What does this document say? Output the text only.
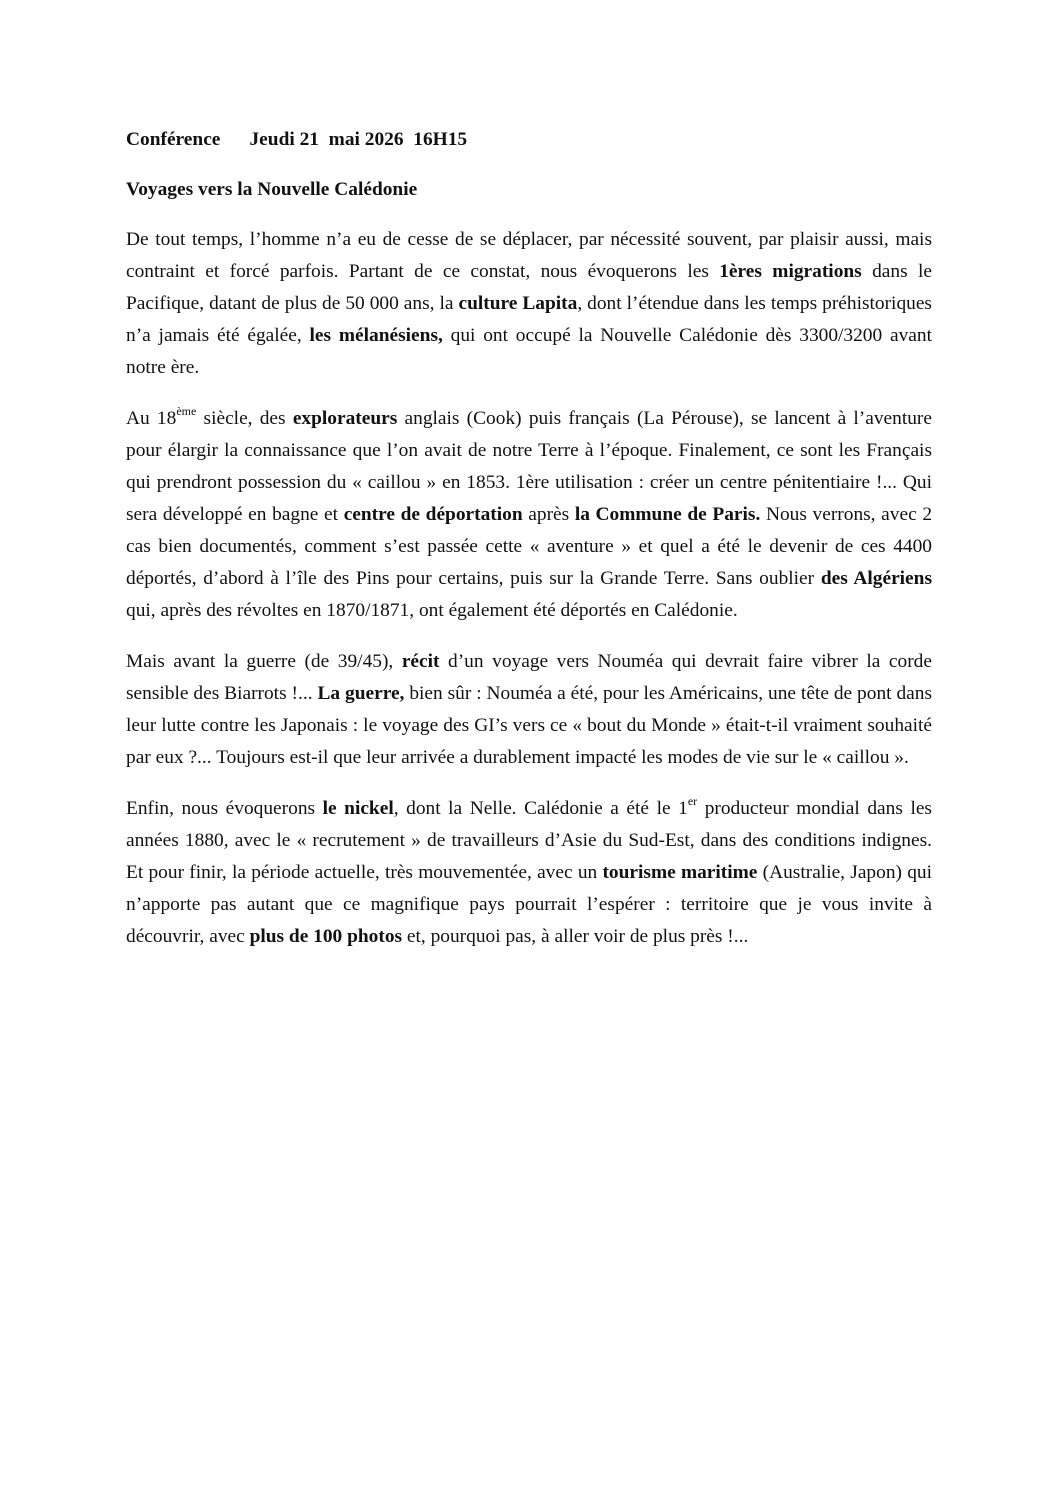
Conférence      Jeudi 21  mai 2026  16H15
Voyages vers la Nouvelle Calédonie

De tout temps, l’homme n’a eu de cesse de se déplacer, par nécessité souvent, par plaisir aussi, mais contraint et forcé parfois. Partant de ce constat, nous évoquerons les 1ères migrations dans le Pacifique, datant de plus de 50 000 ans, la culture Lapita, dont l’étendue dans les temps préhistoriques n’a jamais été égalée, les mélanésiens, qui ont occupé la Nouvelle Calédonie dès 3300/3200 avant notre ère.

Au 18ème siècle, des explorateurs anglais (Cook) puis français (La Pérouse), se lancent à l’aventure pour élargir la connaissance que l’on avait de notre Terre à l’époque. Finalement, ce sont les Français qui prendront possession du « caillou » en 1853. 1ère utilisation : créer un centre pénitentiaire !... Qui sera développé en bagne et centre de déportation après la Commune de Paris. Nous verrons, avec 2 cas bien documentés, comment s’est passée cette « aventure » et quel a été le devenir de ces 4400 déportés, d’abord à l’île des Pins pour certains, puis sur la Grande Terre. Sans oublier des Algériens qui, après des révoltes en 1870/1871, ont également été déportés en Calédonie.

Mais avant la guerre (de 39/45), récit d’un voyage vers Nouméa qui devrait faire vibrer la corde sensible des Biarrots !... La guerre, bien sûr : Nouméa a été, pour les Américains, une tête de pont dans leur lutte contre les Japonais : le voyage des GI’s vers ce « bout du Monde » était-t-il vraiment souhaité par eux ?... Toujours est-il que leur arrivée a durablement impacté les modes de vie sur le « caillou ».

Enfin, nous évoquerons le nickel, dont la Nelle. Calédonie a été le 1er producteur mondial dans les années 1880, avec le « recrutement » de travailleurs d’Asie du Sud-Est, dans des conditions indignes. Et pour finir, la période actuelle, très mouvementée, avec un tourisme maritime (Australie, Japon) qui n’apporte pas autant que ce magnifique pays pourrait l’espérer : territoire que je vous invite à découvrir, avec plus de 100 photos et, pourquoi pas, à aller voir de plus près !...
